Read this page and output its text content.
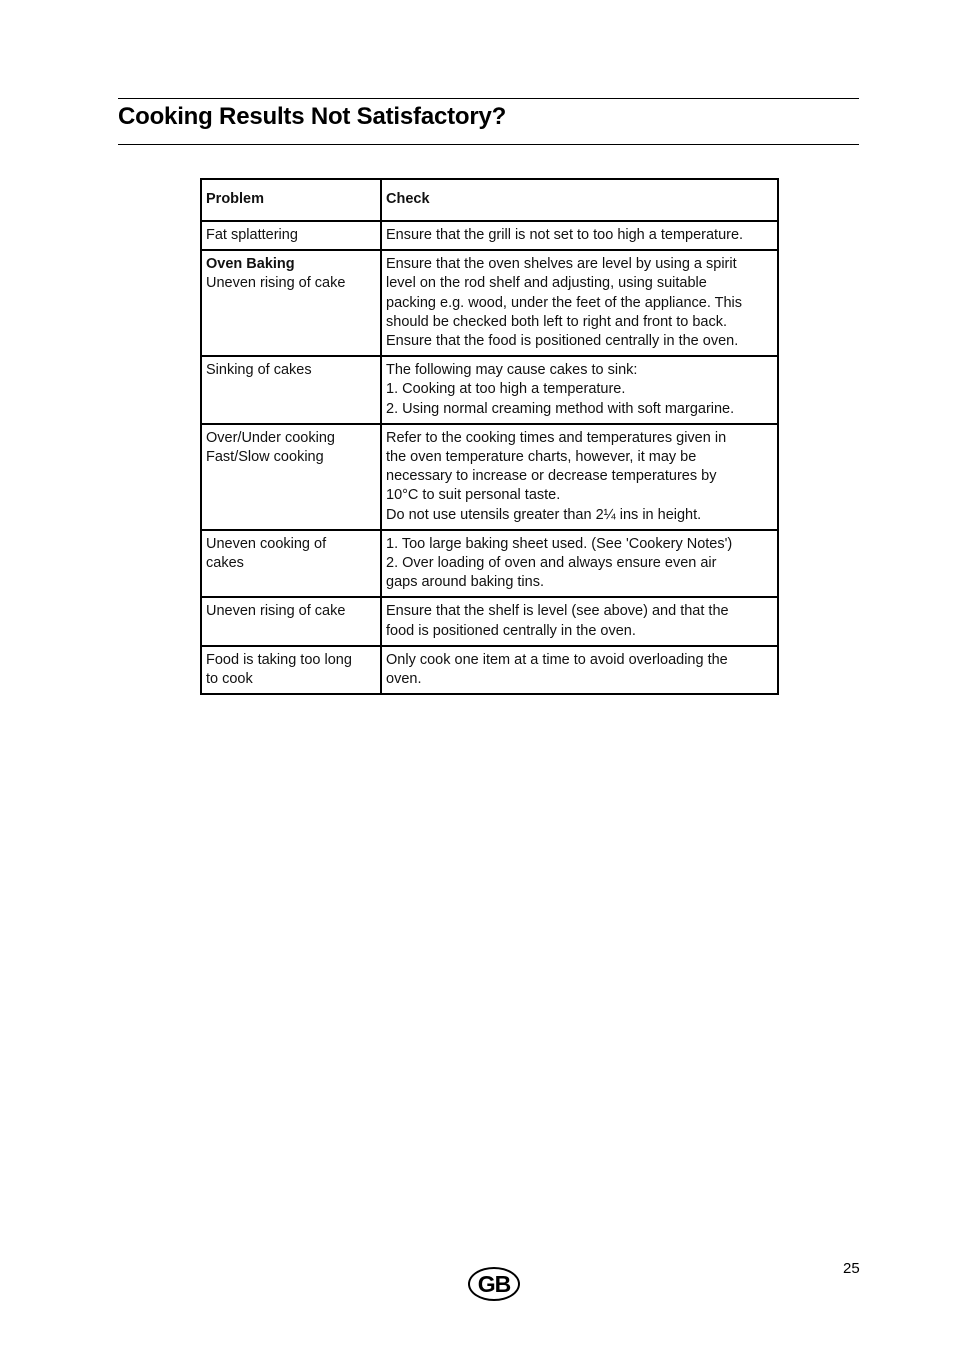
Cooking Results Not Satisfactory?
Problem	Check

Fat splattering	Ensure that the grill is not set to too high a temperature.

Oven Baking
Uneven rising of cake	Ensure that the oven shelves are level by using a spirit
level on the rod shelf and adjusting, using suitable
packing e.g. wood, under the feet of the appliance. This
should be checked both left to right and front to back.
Ensure that the food is positioned centrally in the oven.

Sinking of cakes	The following may cause cakes to sink:
1. Cooking at too high a temperature.
2. Using normal creaming method with soft margarine.

Over/Under cooking
Fast/Slow cooking	Refer to the cooking times and temperatures given in
the oven temperature charts, however, it may be
necessary to increase or decrease temperatures by
10°C to suit personal taste.
Do not use utensils greater than 2¼ ins in height.

Uneven cooking of
cakes	1. Too large baking sheet used. (See 'Cookery Notes')
2. Over loading of oven and always ensure even air
gaps around baking tins.

Uneven rising of cake	Ensure that the shelf is level (see above) and that the
food is positioned centrally in the oven.

Food is taking too long
to cook	Only cook one item at a time to avoid overloading the
oven.
25
GB
